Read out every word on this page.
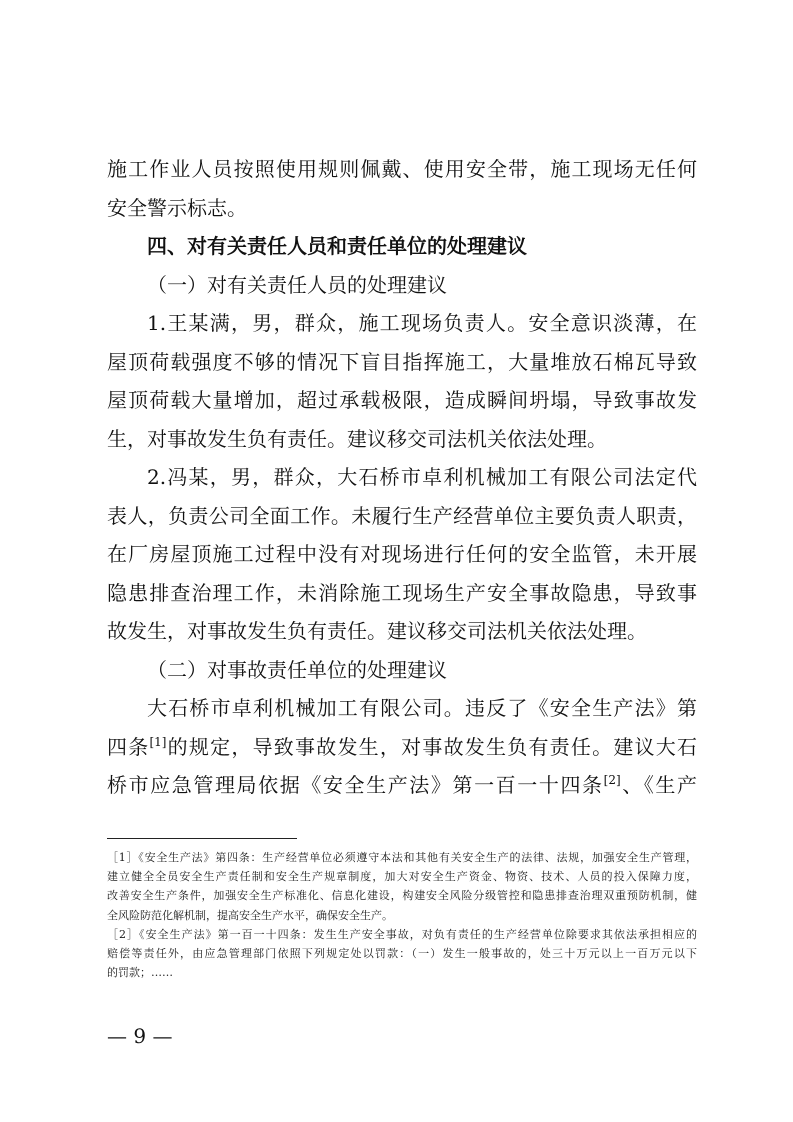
施工作业人员按照使用规则佩戴、使用安全带，施工现场无任何
安全警示标志。
四、对有关责任人员和责任单位的处理建议
（一）对有关责任人员的处理建议
1.王某满，男，群众，施工现场负责人。安全意识淡薄，在
屋顶荷载强度不够的情况下盲目指挥施工，大量堆放石棉瓦导致
屋顶荷载大量增加，超过承载极限，造成瞬间坍塌，导致事故发
生，对事故发生负有责任。建议移交司法机关依法处理。
2.冯某，男，群众，大石桥市卓利机械加工有限公司法定代
表人，负责公司全面工作。未履行生产经营单位主要负责人职责，
在厂房屋顶施工过程中没有对现场进行任何的安全监管，未开展
隐患排查治理工作，未消除施工现场生产安全事故隐患，导致事
故发生，对事故发生负有责任。建议移交司法机关依法处理。
（二）对事故责任单位的处理建议
大石桥市卓利机械加工有限公司。违反了《安全生产法》第
四条[1]的规定，导致事故发生，对事故发生负有责任。建议大石
桥市应急管理局依据《安全生产法》第一百一十四条[2]、《生产
［1］《安全生产法》第四条：生产经营单位必须遵守本法和其他有关安全生产的法律、法规，加强安全生产管理，
建立健全全员安全生产责任制和安全生产规章制度，加大对安全生产资金、物资、技术、人员的投入保障力度，
改善安全生产条件，加强安全生产标准化、信息化建设，构建安全风险分级管控和隐患排查治理双重预防机制，健
全风险防范化解机制，提高安全生产水平，确保安全生产。
［2］《安全生产法》第一百一十四条：发生生产安全事故，对负有责任的生产经营单位除要求其依法承担相应的
赔偿等责任外，由应急管理部门依照下列规定处以罚款：（一）发生一般事故的，处三十万元以上一百万元以下
的罚款；……
— 9 —
